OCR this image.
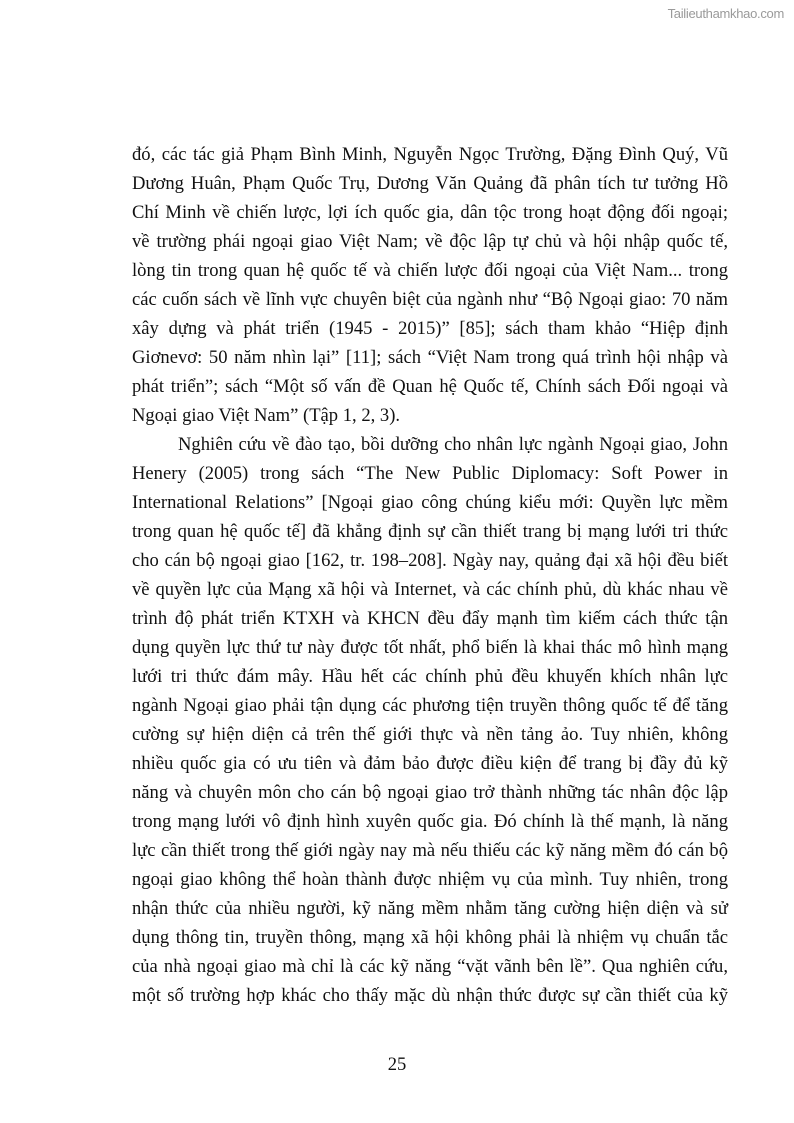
Tailieuthamkhao.com
đó, các tác giả Phạm Bình Minh, Nguyễn Ngọc Trường, Đặng Đình Quý, Vũ
Dương Huân, Phạm Quốc Trụ, Dương Văn Quảng đã phân tích tư tưởng Hồ
Chí Minh về chiến lược, lợi ích quốc gia, dân tộc trong hoạt động đối ngoại;
về trường phái ngoại giao Việt Nam; về độc lập tự chủ và hội nhập quốc tế,
lòng tin trong quan hệ quốc tế và chiến lược đối ngoại của Việt Nam... trong
các cuốn sách về lĩnh vực chuyên biệt của ngành như “Bộ Ngoại giao: 70 năm
xây dựng và phát triển (1945 - 2015)” [85]; sách tham khảo “Hiệp định
Giơnevơ: 50 năm nhìn lại” [11]; sách “Việt Nam trong quá trình hội nhập và
phát triển”; sách “Một số vấn đề Quan hệ Quốc tế, Chính sách Đối ngoại và
Ngoại giao Việt Nam” (Tập 1, 2, 3).
Nghiên cứu về đào tạo, bồi dưỡng cho nhân lực ngành Ngoại giao, John
Henery (2005) trong sách “The New Public Diplomacy: Soft Power in
International Relations” [Ngoại giao công chúng kiểu mới: Quyền lực mềm
trong quan hệ quốc tế] đã khẳng định sự cần thiết trang bị mạng lưới tri thức
cho cán bộ ngoại giao [162, tr. 198–208]. Ngày nay, quảng đại xã hội đều biết
về quyền lực của Mạng xã hội và Internet, và các chính phủ, dù khác nhau về
trình độ phát triển KTXH và KHCN đều đẩy mạnh tìm kiếm cách thức tận
dụng quyền lực thứ tư này được tốt nhất, phổ biến là khai thác mô hình mạng
lưới tri thức đám mây. Hầu hết các chính phủ đều khuyến khích nhân lực
ngành Ngoại giao phải tận dụng các phương tiện truyền thông quốc tế để tăng
cường sự hiện diện cả trên thế giới thực và nền tảng ảo. Tuy nhiên, không
nhiều quốc gia có ưu tiên và đảm bảo được điều kiện để trang bị đầy đủ kỹ
năng và chuyên môn cho cán bộ ngoại giao trở thành những tác nhân độc lập
trong mạng lưới vô định hình xuyên quốc gia. Đó chính là thế mạnh, là năng
lực cần thiết trong thế giới ngày nay mà nếu thiếu các kỹ năng mềm đó cán bộ
ngoại giao không thể hoàn thành được nhiệm vụ của mình. Tuy nhiên, trong
nhận thức của nhiều người, kỹ năng mềm nhằm tăng cường hiện diện và sử
dụng thông tin, truyền thông, mạng xã hội không phải là nhiệm vụ chuẩn tắc
của nhà ngoại giao mà chỉ là các kỹ năng “vặt vãnh bên lề”. Qua nghiên cứu,
một số trường hợp khác cho thấy mặc dù nhận thức được sự cần thiết của kỹ
25
